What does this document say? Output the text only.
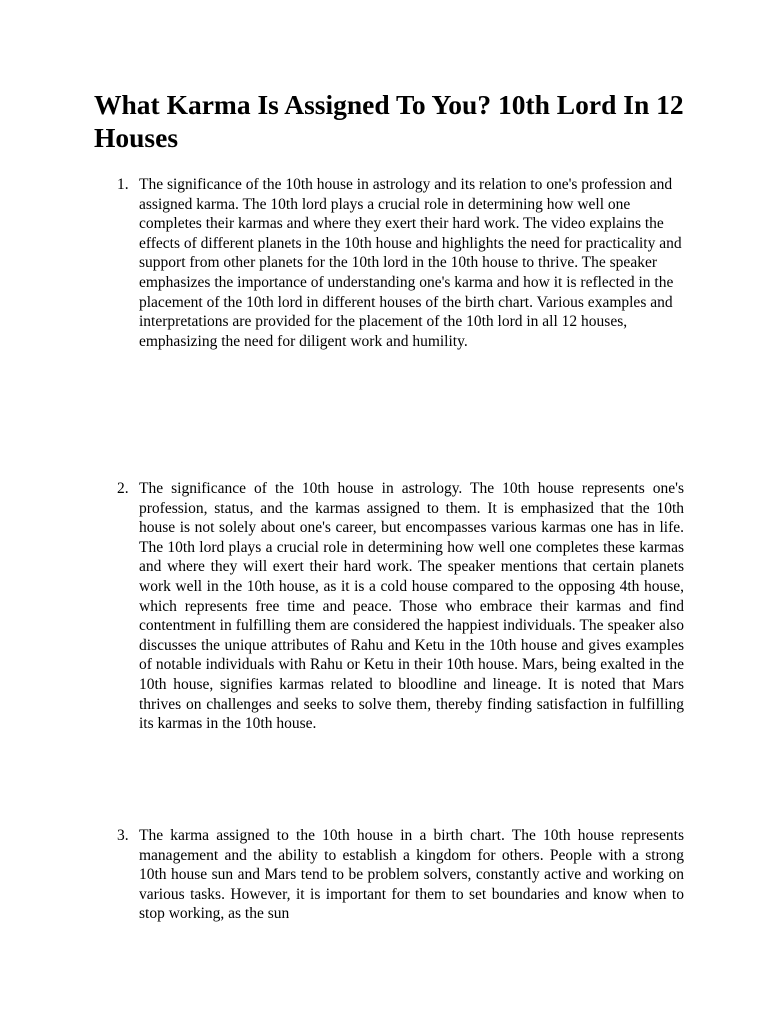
What Karma Is Assigned To You? 10th Lord In 12 Houses
1. The significance of the 10th house in astrology and its relation to one's profession and assigned karma. The 10th lord plays a crucial role in determining how well one completes their karmas and where they exert their hard work. The video explains the effects of different planets in the 10th house and highlights the need for practicality and support from other planets for the 10th lord in the 10th house to thrive. The speaker emphasizes the importance of understanding one's karma and how it is reflected in the placement of the 10th lord in different houses of the birth chart. Various examples and interpretations are provided for the placement of the 10th lord in all 12 houses, emphasizing the need for diligent work and humility.
2. The significance of the 10th house in astrology. The 10th house represents one's profession, status, and the karmas assigned to them. It is emphasized that the 10th house is not solely about one's career, but encompasses various karmas one has in life. The 10th lord plays a crucial role in determining how well one completes these karmas and where they will exert their hard work. The speaker mentions that certain planets work well in the 10th house, as it is a cold house compared to the opposing 4th house, which represents free time and peace. Those who embrace their karmas and find contentment in fulfilling them are considered the happiest individuals. The speaker also discusses the unique attributes of Rahu and Ketu in the 10th house and gives examples of notable individuals with Rahu or Ketu in their 10th house. Mars, being exalted in the 10th house, signifies karmas related to bloodline and lineage. It is noted that Mars thrives on challenges and seeks to solve them, thereby finding satisfaction in fulfilling its karmas in the 10th house.
3. The karma assigned to the 10th house in a birth chart. The 10th house represents management and the ability to establish a kingdom for others. People with a strong 10th house sun and Mars tend to be problem solvers, constantly active and working on various tasks. However, it is important for them to set boundaries and know when to stop working, as the sun
